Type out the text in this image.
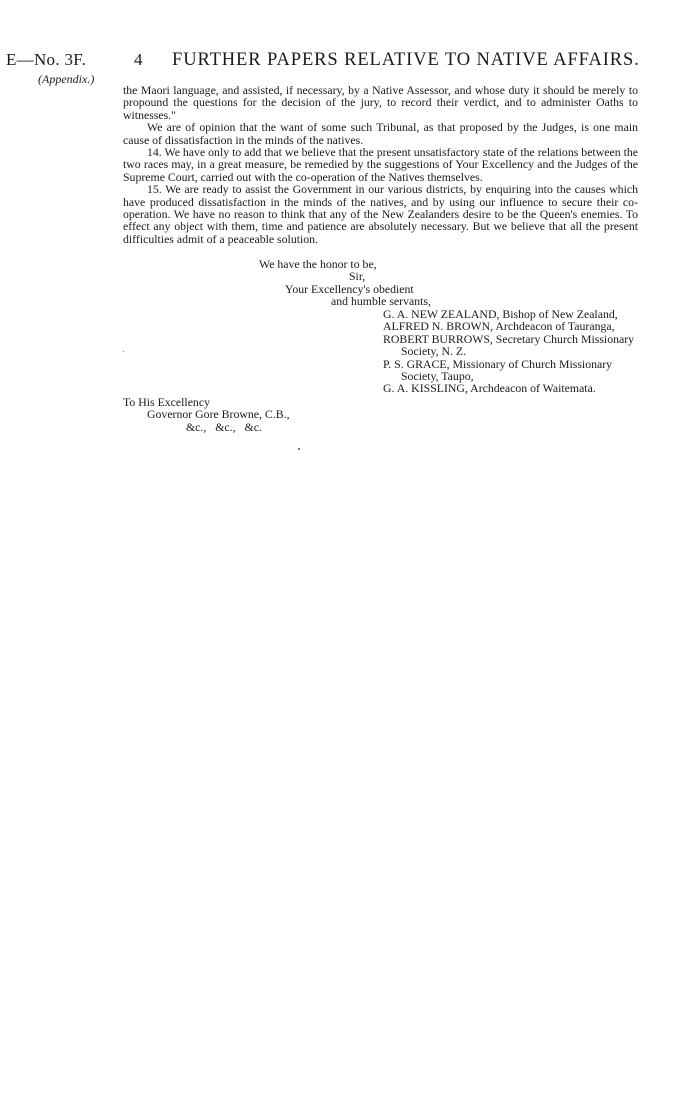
E—No. 3F.
(Appendix.)
4 FURTHER PAPERS RELATIVE TO NATIVE AFFAIRS.

the Maori language, and assisted, if necessary, by a Native Assessor, and whose duty it should be merely to propound the questions for the decision of the jury, to record their verdict, and to administer Oaths to witnesses."

We are of opinion that the want of some such Tribunal, as that proposed by the Judges, is one main cause of dissatisfaction in the minds of the natives.

14. We have only to add that we believe that the present unsatisfactory state of the relations between the two races may, in a great measure, be remedied by the suggestions of Your Excellency and the Judges of the Supreme Court, carried out with the co-operation of the Natives themselves.

15. We are ready to assist the Government in our various districts, by enquiring into the causes which have produced dissatisfaction in the minds of the natives, and by using our influence to secure their co-operation. We have no reason to think that any of the New Zealanders desire to be the Queen's enemies. To effect any object with them, time and patience are absolutely necessary. But we believe that all the present difficulties admit of a peaceable solution.

We have the honor to be,
Sir,
Your Excellency's obedient
and humble servants,
G. A. NEW ZEALAND, Bishop of New Zealand,
ALFRED N. BROWN, Archdeacon of Tauranga,
ROBERT BURROWS, Secretary Church Missionary Society, N. Z.
P. S. GRACE, Missionary of Church Missionary Society, Taupo,
G. A. KISSLING, Archdeacon of Waitemata.
To His Excellency
Governor Gore Browne, C.B.,
&c., &c., &c.
